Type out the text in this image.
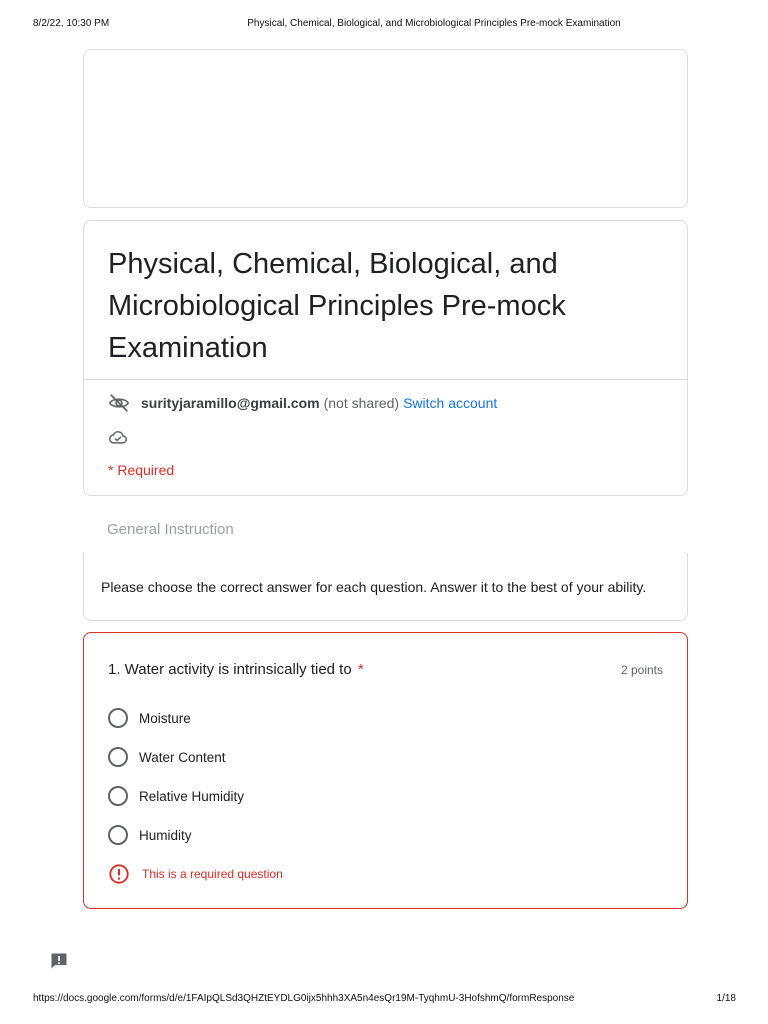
8/2/22, 10:30 PM	Physical, Chemical, Biological, and Microbiological Principles Pre-mock Examination
Physical, Chemical, Biological, and Microbiological Principles Pre-mock Examination
surityjaramillo@gmail.com (not shared) Switch account
* Required
General Instruction
Please choose the correct answer for each question. Answer it to the best of your ability.
1. Water activity is intrinsically tied to *	2 points
Moisture
Water Content
Relative Humidity
Humidity
This is a required question
https://docs.google.com/forms/d/e/1FAIpQLSd3QHZtEYDLG0ijx5hhh3XA5n4esQr19M-TyqhmU-3HofshmQ/formResponse	1/18
